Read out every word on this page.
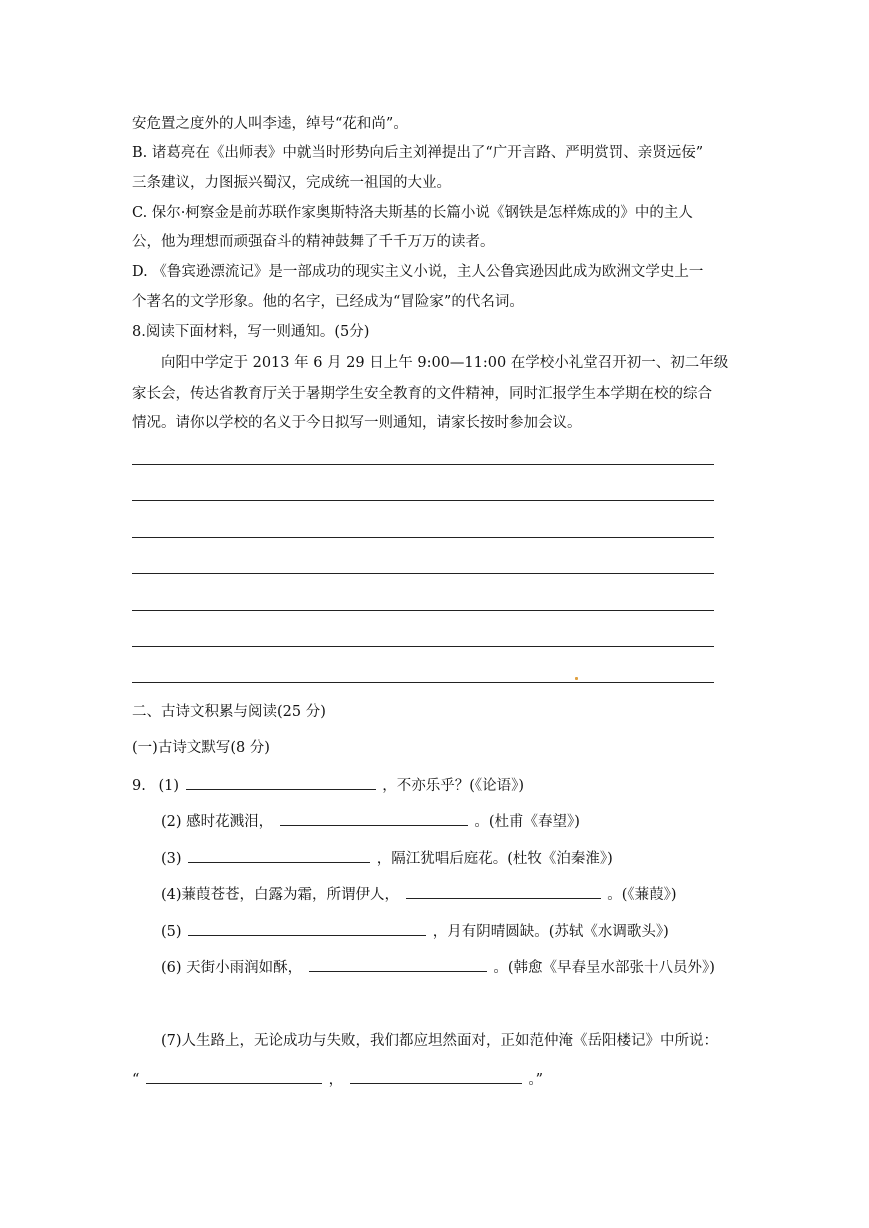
安危置之度外的人叫李逵，绰号“花和尚”。
B. 诸葛亮在《出师表》中就当时形势向后主刘禅提出了“广开言路、严明赏罚、亲贤远佞”
三条建议，力图振兴蜀汉，完成统一祖国的大业。
C. 保尔·柯察金是前苏联作家奥斯特洛夫斯基的长篇小说《钢铁是怎样炼成的》中的主人
公，他为理想而顽强奋斗的精神鼓舞了千千万万的读者。
D. 《鲁宾逊漂流记》是一部成功的现实主义小说，主人公鲁宾逊因此成为欧洲文学史上一
个著名的文学形象。他的名字，已经成为“冒险家”的代名词。
8.阅读下面材料，写一则通知。(5分)
向阳中学定于 2013 年 6 月 29 日上午 9:00—11:00 在学校小礼堂召开初一、初二年级
家长会，传达省教育厅关于暑期学生安全教育的文件精神，同时汇报学生本学期在校的综合
情况。请你以学校的名义于今日拟写一则通知，请家长按时参加会议。
二、古诗文积累与阅读(25 分)
(一)古诗文默写(8 分)
9. (1)	，不亦乐乎？(《论语》)
(2) 感时花溅泪，	。(杜甫《春望》)
(3)	，隔江犹唱后庭花。(杜牧《泊秦淮》)
(4)蒹葭苍苍，白露为霜，所谓伊人，	。(《蒹葭》)
(5)	，月有阴晴圆缺。(苏轼《水调歌头》)
(6) 天街小雨润如酥，	。(韩愈《早春呈水部张十八员外》)
(7)人生路上，无论成功与失败，我们都应坦然面对，正如范仲淹《岳阳楼记》中所说：
“	，	。”
